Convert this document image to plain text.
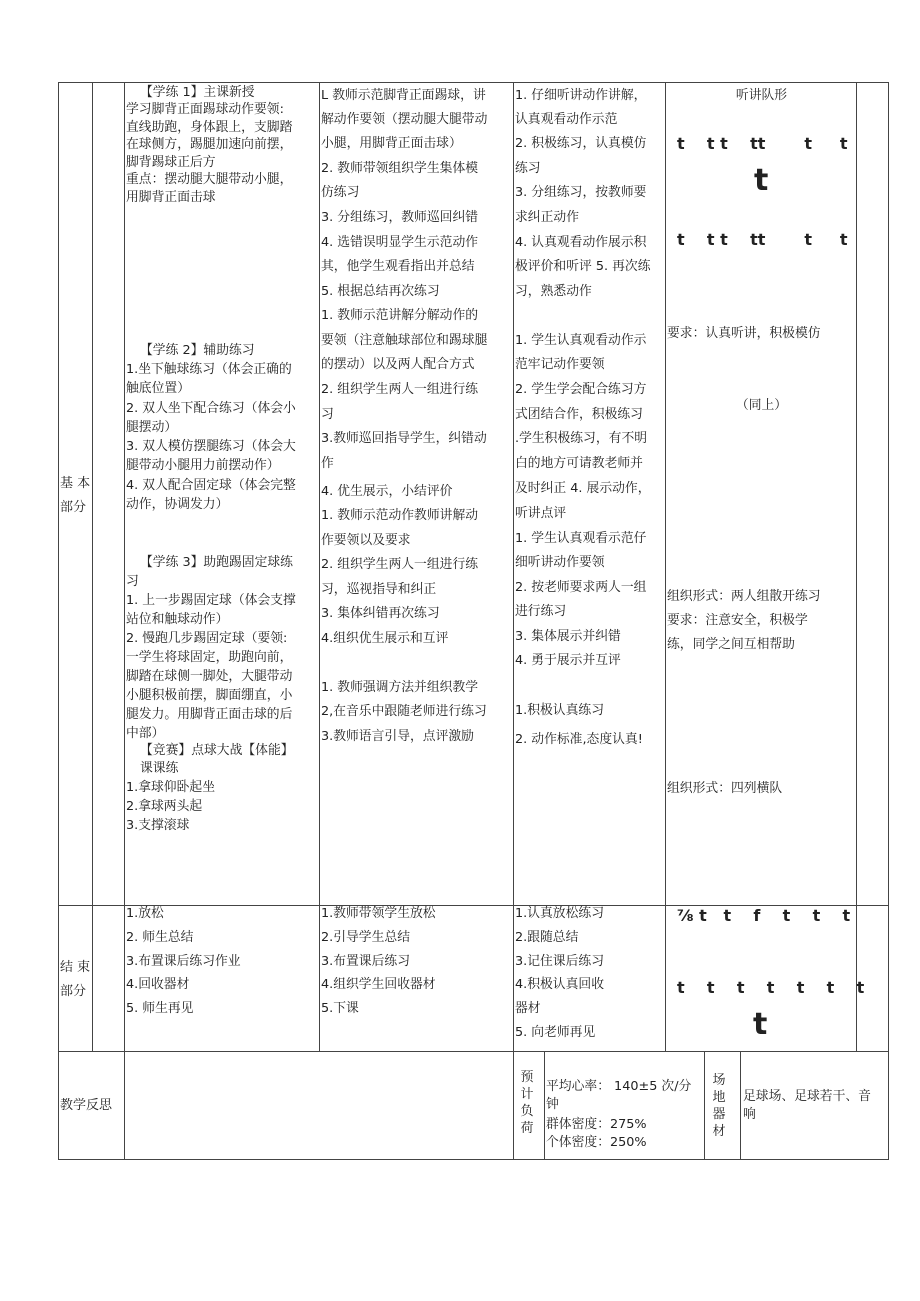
基 本
部分
【学练 1】主课新授
学习脚背正面踢球动作要领:
直线助跑，身体跟上，支脚踏
在球侧方，踢腿加速向前摆，
脚背踢球正后方
重点：摆动腿大腿带动小腿，
用脚背正面击球
【学练 2】辅助练习
1.坐下触球练习（体会正确的
触底位置）
2. 双人坐下配合练习（体会小
腿摆动）
3. 双人模仿摆腿练习（体会大
腿带动小腿用力前摆动作）
4. 双人配合固定球（体会完整
动作，协调发力）
【学练 3】助跑踢固定球练
习
1. 上一步踢固定球（体会支撑
站位和触球动作）
2. 慢跑几步踢固定球（要领:
一学生将球固定，助跑向前，
脚踏在球侧一脚处，大腿带动
小腿积极前摆，脚面绷直，小
腿发力。用脚背正面击球的后
中部）
【竞赛】点球大战【体能】
课课练
1.拿球仰卧起坐
2.拿球两头起
3.支撑滚球
L 教师示范脚背正面踢球，讲
解动作要领（摆动腿大腿带动
小腿，用脚背正面击球）
2. 教师带领组织学生集体模
仿练习
3. 分组练习，教师巡回纠错
4. 选错误明显学生示范动作
其，他学生观看指出并总结
5. 根据总结再次练习
1. 教师示范讲解分解动作的
要领（注意触球部位和踢球腿
的摆动）以及两人配合方式
2. 组织学生两人一组进行练
习
3.教师巡回指导学生，纠错动
作
4. 优生展示，小结评价
1. 教师示范动作教师讲解动
作要领以及要求
2. 组织学生两人一组进行练
习，巡视指导和纠正
3. 集体纠错再次练习
4.组织优生展示和互评
1. 教师强调方法并组织教学
2,在音乐中跟随老师进行练习
3.教师语言引导，点评激励
1. 仔细听讲动作讲解，
认真观看动作示范
2. 积极练习，认真模仿
练习
3. 分组练习，按教师要
求纠正动作
4. 认真观看动作展示积
极评价和听评 5. 再次练
习，熟悉动作
1. 学生认真观看动作示
范牢记动作要领
2. 学生学会配合练习方
式团结合作，积极练习
.学生积极练习，有不明
白的地方可请教老师并
及时纠正 4. 展示动作，
听讲点评
1. 学生认真观看示范仔
细听讲动作要领
2. 按老师要求两人一组
进行练习
3. 集体展示并纠错
4. 勇于展示并互评
1.积极认真练习
2. 动作标准,态度认真!
听讲队形
t    t t    tt       t     t
t
t    t t    tt       t     t
要求：认真听讲，积极模仿
（同上）
组织形式：两人组散开练习
要求：注意安全，积极学
练，同学之间互相帮助
组织形式：四列横队
结 束
部分
1.放松
2. 师生总结
3.布置课后练习作业
4.回收器材
5. 师生再见
1.教师带领学生放松
2.引导学生总结
3.布置课后练习
4.组织学生回收器材
5.下课
1.认真放松练习
2.跟随总结
3.记住课后练习
4.积极认真回收
器材
5. 向老师再见
⅞ t   t    f    t    t    t
t    t    t    t    t    t    t
t
教学反思
预
计
负
荷
平均心率： 140±5 次/分
钟
群体密度：275%
个体密度：250%
场
地
器
材
足球场、足球若干、音
响
